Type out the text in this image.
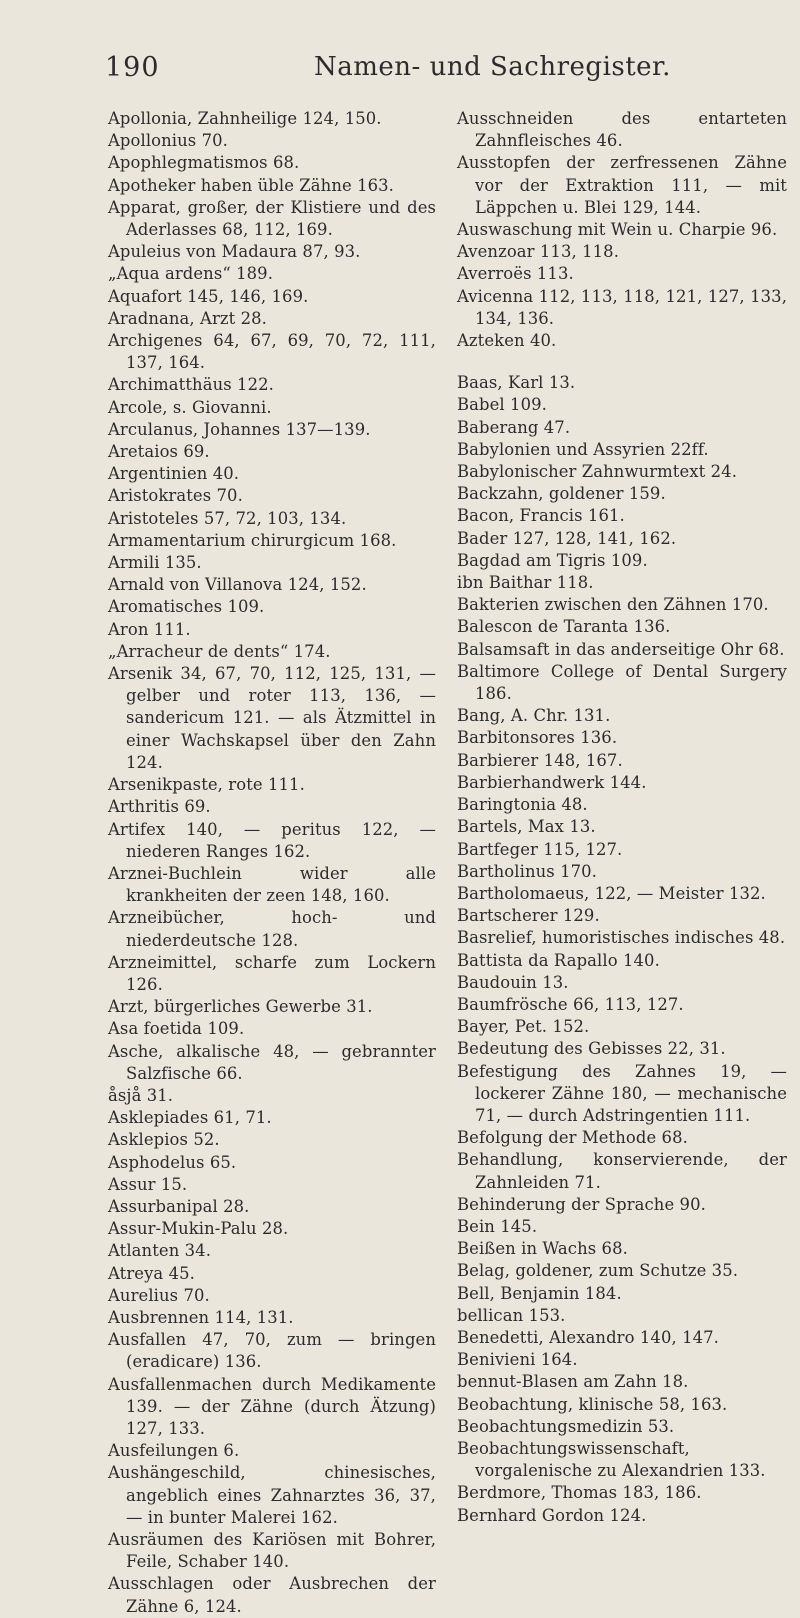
190	Namen- und Sachregister.
Apollonia, Zahnheilige 124, 150.
Apollonius 70.
Apophlegmatismos 68.
Apotheker haben üble Zähne 163.
Apparat, großer, der Klistiere und des Aderlasses 68, 112, 169.
Apuleius von Madaura 87, 93.
„Aqua ardens“ 189.
Aquafort 145, 146, 169.
Aradnana, Arzt 28.
Archigenes 64, 67, 69, 70, 72, 111, 137, 164.
Archimatthäus 122.
Arcole, s. Giovanni.
Arculanus, Johannes 137—139.
Aretaios 69.
Argentinien 40.
Aristokrates 70.
Aristoteles 57, 72, 103, 134.
Armamentarium chirurgicum 168.
Armili 135.
Arnald von Villanova 124, 152.
Aromatisches 109.
Aron 111.
„Arracheur de dents“ 174.
Arsenik 34, 67, 70, 112, 125, 131, — gelber und roter 113, 136, — sandericum 121. — als Ätzmittel in einer Wachskapsel über den Zahn 124.
Arsenikpaste, rote 111.
Arthritis 69.
Artifex 140, — peritus 122, — niederen Ranges 162.
Arznei-Buchlein wider alle krankheiten der zeen 148, 160.
Arzneibücher, hoch- und niederdeutsche 128.
Arzneimittel, scharfe zum Lockern 126.
Arzt, bürgerliches Gewerbe 31.
Asa foetida 109.
Asche, alkalische 48, — gebrannter Salzfische 66.
åsjå 31.
Asklepiades 61, 71.
Asklepios 52.
Asphodelus 65.
Assur 15.
Assurbanipal 28.
Assur-Mukin-Palu 28.
Atlanten 34.
Atreya 45.
Aurelius 70.
Ausbrennen 114, 131.
Ausfallen 47, 70, zum — bringen (eradicare) 136.
Ausfallenmachen durch Medikamente 139. — der Zähne (durch Ätzung) 127, 133.
Ausfeilungen 6.
Aushängeschild, chinesisches, angeblich eines Zahnarztes 36, 37, — in bunter Malerei 162.
Ausräumen des Kariösen mit Bohrer, Feile, Schaber 140.
Ausschlagen oder Ausbrechen der Zähne 6, 124.
Ausschneiden des entarteten Zahnfleisches 46.
Ausstopfen der zerfressenen Zähne vor der Extraktion 111, — mit Läppchen u. Blei 129, 144.
Auswaschung mit Wein u. Charpie 96.
Avenzoar 113, 118.
Averroës 113.
Avicenna 112, 113, 118, 121, 127, 133, 134, 136.
Azteken 40.
Baas, Karl 13.
Babel 109.
Baberang 47.
Babylonien und Assyrien 22ff.
Babylonischer Zahnwurmtext 24.
Backzahn, goldener 159.
Bacon, Francis 161.
Bader 127, 128, 141, 162.
Bagdad am Tigris 109.
ibn Baithar 118.
Bakterien zwischen den Zähnen 170.
Balescon de Taranta 136.
Balsamsaft in das anderseitige Ohr 68.
Baltimore College of Dental Surgery 186.
Bang, A. Chr. 131.
Barbitonsores 136.
Barbierer 148, 167.
Barbierhandwerk 144.
Baringtonia 48.
Bartels, Max 13.
Bartfeger 115, 127.
Bartholinus 170.
Bartholomaeus, 122, — Meister 132.
Bartscherer 129.
Basrelief, humoristisches indisches 48.
Battista da Rapallo 140.
Baudouin 13.
Baumfrösche 66, 113, 127.
Bayer, Pet. 152.
Bedeutung des Gebisses 22, 31.
Befestigung des Zahnes 19, — lockerer Zähne 180, — mechanische 71, — durch Adstringentien 111.
Befolgung der Methode 68.
Behandlung, konservierende, der Zahnleiden 71.
Behinderung der Sprache 90.
Bein 145.
Beißen in Wachs 68.
Belag, goldener, zum Schutze 35.
Bell, Benjamin 184.
bellican 153.
Benedetti, Alexandro 140, 147.
Benivieni 164.
bennut-Blasen am Zahn 18.
Beobachtung, klinische 58, 163.
Beobachtungsmedizin 53.
Beobachtungswissenschaft, vorgalenische zu Alexandrien 133.
Berdmore, Thomas 183, 186.
Bernhard Gordon 124.
